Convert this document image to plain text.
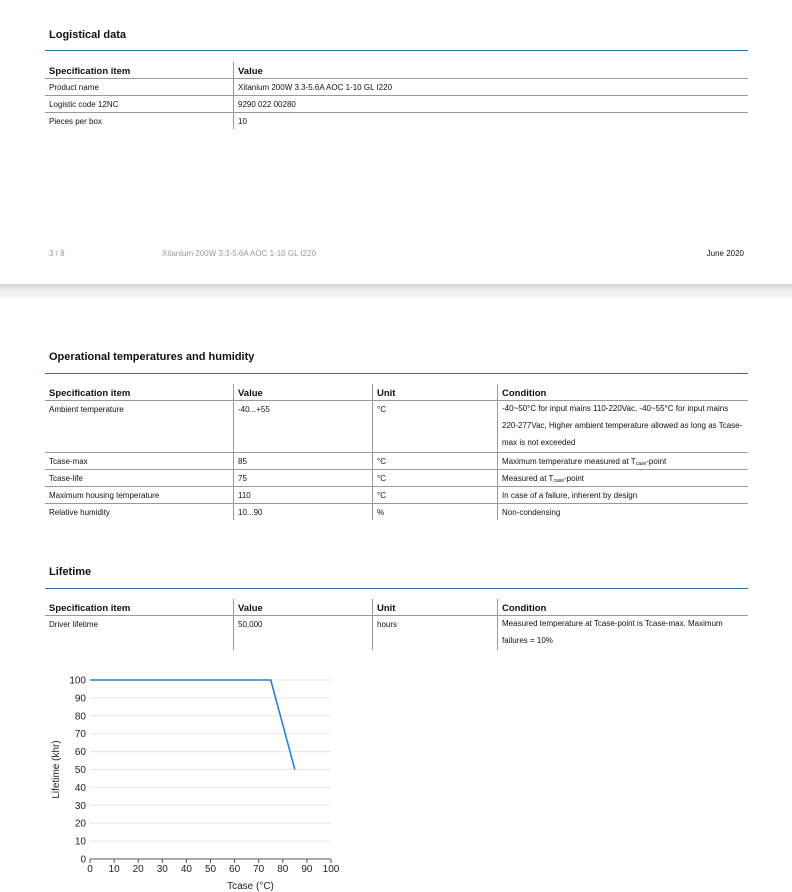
Logistical data
Specification item	Value
Product name	Xitanium 200W 3.3-5.6A AOC 1-10 GL I220
Logistic code 12NC	9290 022 00280
Pieces per box	10
3 / 8	Xitanium 200W 3.3-5.6A AOC 1-10 GL I220	June 2020
Operational temperatures and humidity
Specification item	Value	Unit	Condition
Ambient temperature	-40...+55	°C	-40~50°C for input mains 110-220Vac, -40~55°C for input mains 220-277Vac, Higher ambient temperature allowed as long as Tcase-max is not exceeded
Tcase-max	85	°C	Maximum temperature measured at $T_{case}$-point
Tcase-life	75	°C	Measured at $T_{case}$-point
Maximum housing temperature	110	°C	In case of a failure, inherent by design
Relative humidity	10...90	%	Non-condensing
Lifetime
Specification item	Value	Unit	Condition
Driver lifetime	50,000	hours	Measured temperature at Tcase-point is Tcase-max. Maximum failures = 10%
0
10
20
30
40
50
60
70
80
90
100
0 10 20 30 40 50 60 70 80 90 100
Lifetime (khr)
Tcase (°C)
